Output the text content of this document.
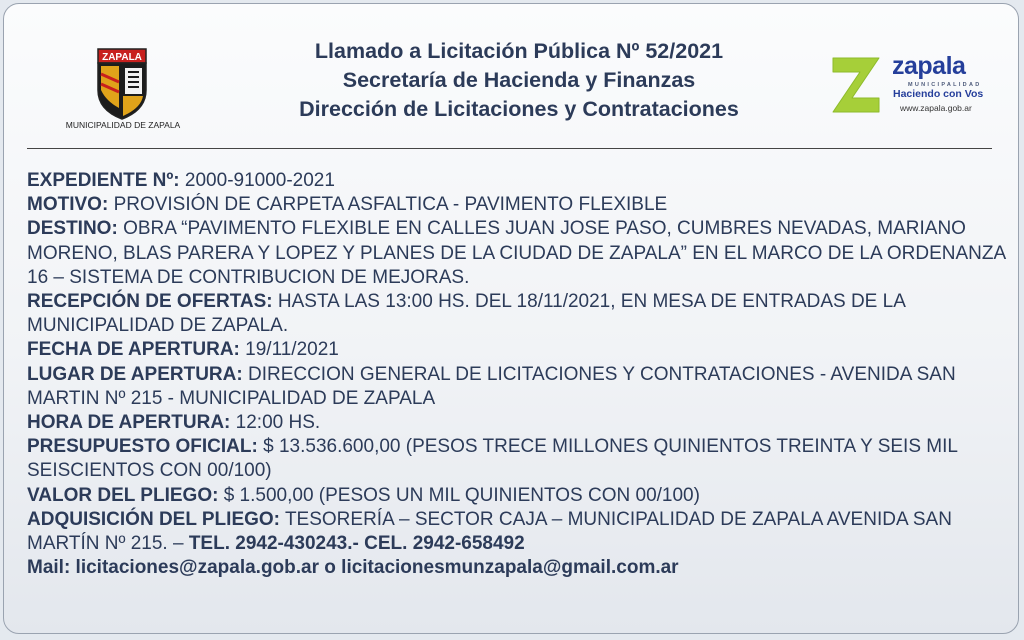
ZAPALA
MUNICIPALIDAD DE ZAPALA
Llamado a Licitación Pública Nº 52/2021
Secretaría de Hacienda y Finanzas
Dirección de Licitaciones y Contrataciones
zapala
MUNICIPALIDAD
Haciendo con Vos
www.zapala.gob.ar

EXPEDIENTE Nº: 2000-91000-2021

MOTIVO: PROVISIÓN DE CARPETA ASFALTICA - PAVIMENTO FLEXIBLE

DESTINO: OBRA “PAVIMENTO FLEXIBLE EN CALLES JUAN JOSE PASO, CUMBRES NEVADAS, MARIANO MORENO, BLAS PARERA Y LOPEZ Y PLANES DE LA CIUDAD DE ZAPALA” EN EL MARCO DE LA ORDENANZA 16 – SISTEMA DE CONTRIBUCION DE MEJORAS.

RECEPCIÓN DE OFERTAS: HASTA LAS 13:00 HS. DEL 18/11/2021, EN MESA DE ENTRADAS DE LA MUNICIPALIDAD DE ZAPALA.

FECHA DE APERTURA: 19/11/2021

LUGAR DE APERTURA: DIRECCION GENERAL DE LICITACIONES Y CONTRATACIONES - AVENIDA SAN MARTIN Nº 215 - MUNICIPALIDAD DE ZAPALA

HORA DE APERTURA: 12:00 HS.

PRESUPUESTO OFICIAL: $ 13.536.600,00 (PESOS TRECE MILLONES QUINIENTOS TREINTA Y SEIS MIL SEISCIENTOS CON 00/100)

VALOR DEL PLIEGO: $ 1.500,00 (PESOS UN MIL QUINIENTOS CON 00/100)

ADQUISICIÓN DEL PLIEGO: TESORERÍA – SECTOR CAJA – MUNICIPALIDAD DE ZAPALA AVENIDA SAN MARTÍN Nº 215. – TEL. 2942-430243.- CEL. 2942-658492

Mail: licitaciones@zapala.gob.ar o licitacionesmunzapala@gmail.com.ar
